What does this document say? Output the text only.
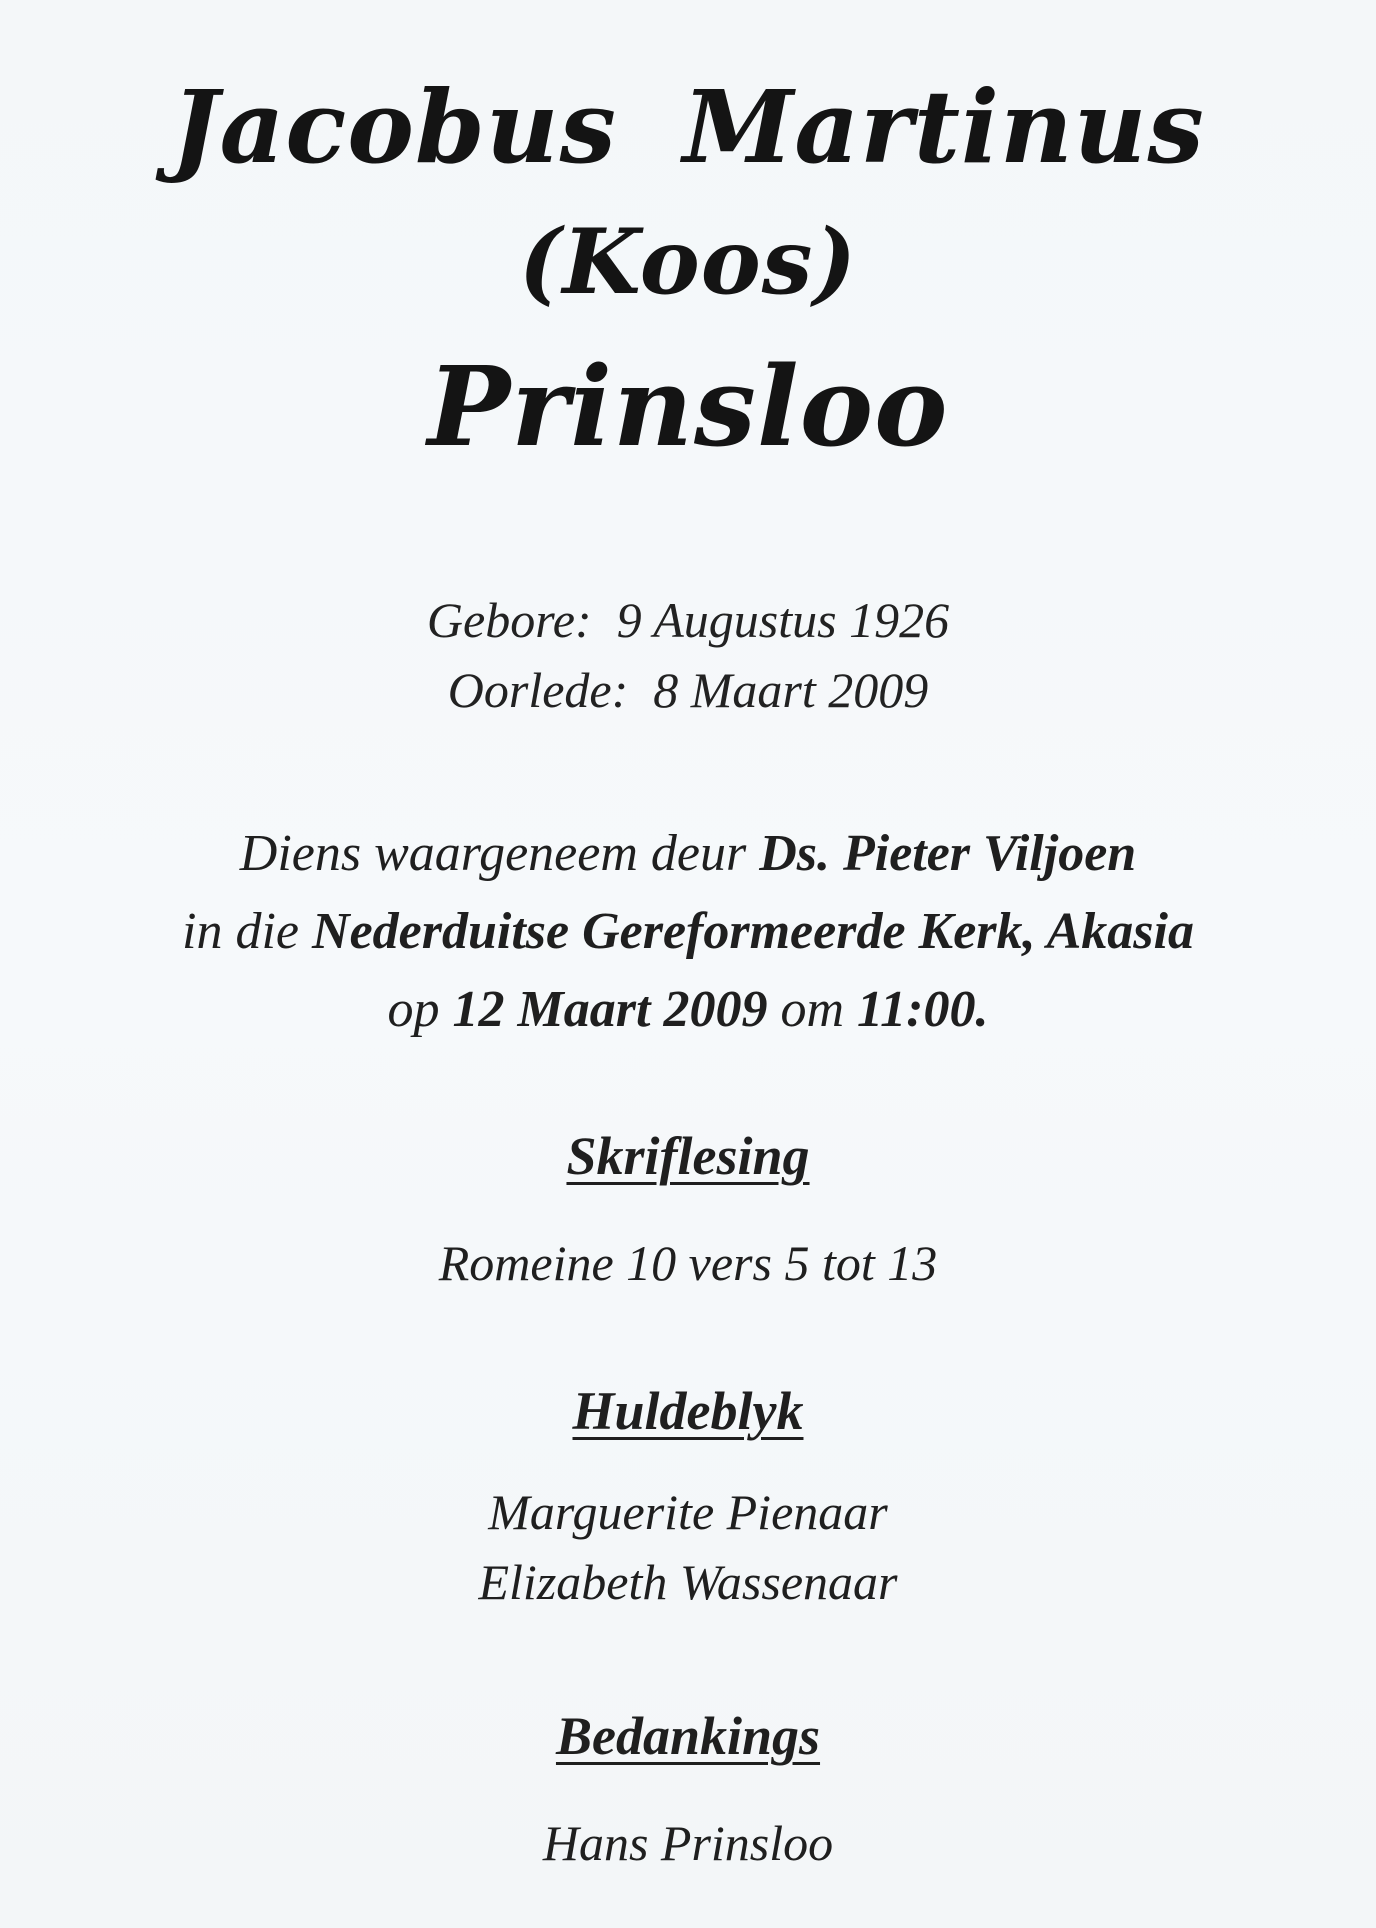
Jacobus Martinus

(Koos)

Prinsloo

Gebore: 9 Augustus 1926
Oorlede: 8 Maart 2009
Diens waargeneem deur Ds. Pieter Viljoen
in die Nederduitse Gereformeerde Kerk, Akasia
op 12 Maart 2009 om 11:00.
Skriflesing
Romeine 10 vers 5 tot 13
Huldeblyk
Marguerite Pienaar
Elizabeth Wassenaar
Bedankings
Hans Prinsloo
